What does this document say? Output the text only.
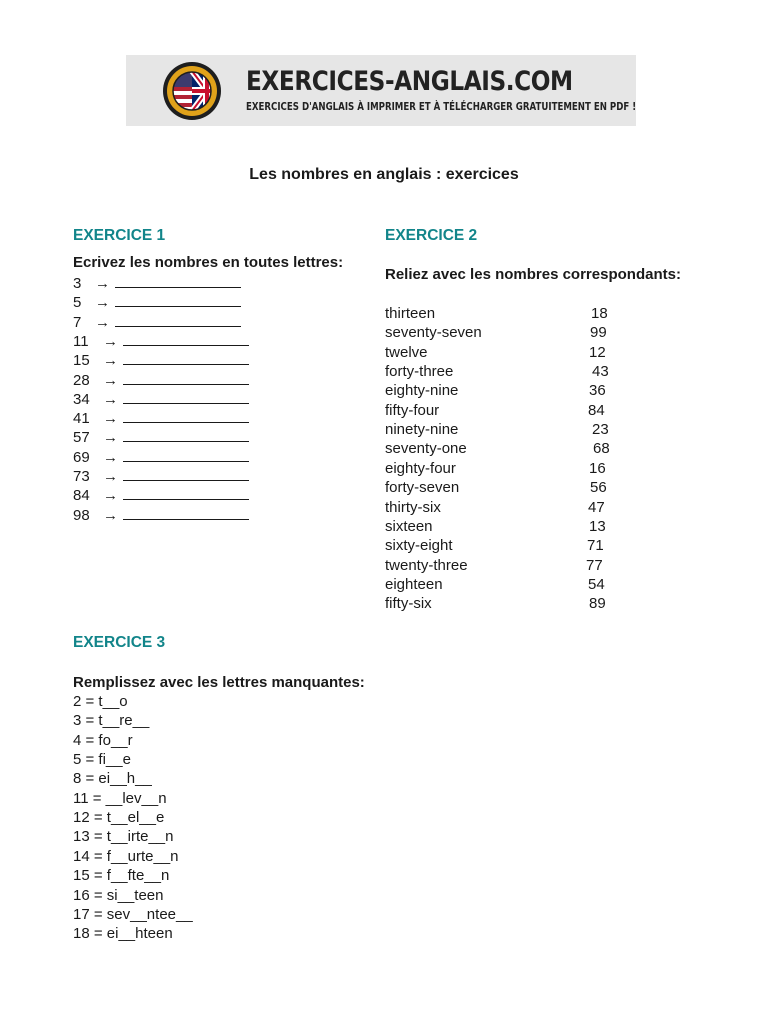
EXERCICES-ANGLAIS.COM
EXERCICES D'ANGLAIS À IMPRIMER ET À TÉLÉCHARGER GRATUITEMENT EN PDF !
Les nombres en anglais : exercices
EXERCICE 1
Ecrivez les nombres en toutes lettres:
3 →
5 →
7 →
11 →
15 →
28 →
34 →
41 →
57 →
69 →
73 →
84 →
98 →
EXERCICE 2
Reliez avec les nombres correspondants:
thirteen	18
seventy-seven	99
twelve	12
forty-three	43
eighty-nine	36
fifty-four	84
ninety-nine	23
seventy-one	68
eighty-four	16
forty-seven	56
thirty-six	47
sixteen	13
sixty-eight	71
twenty-three	77
eighteen	54
fifty-six	89
EXERCICE 3
Remplissez avec les lettres manquantes:
2 = t__o
3 = t__re__
4 = fo__r
5 = fi__e
8 = ei__h__
11 = __lev__n
12 = t__el__e
13 = t__irte__n
14 = f__urte__n
15 = f__fte__n
16 = si__teen
17 = sev__ntee__
18 = ei__hteen
